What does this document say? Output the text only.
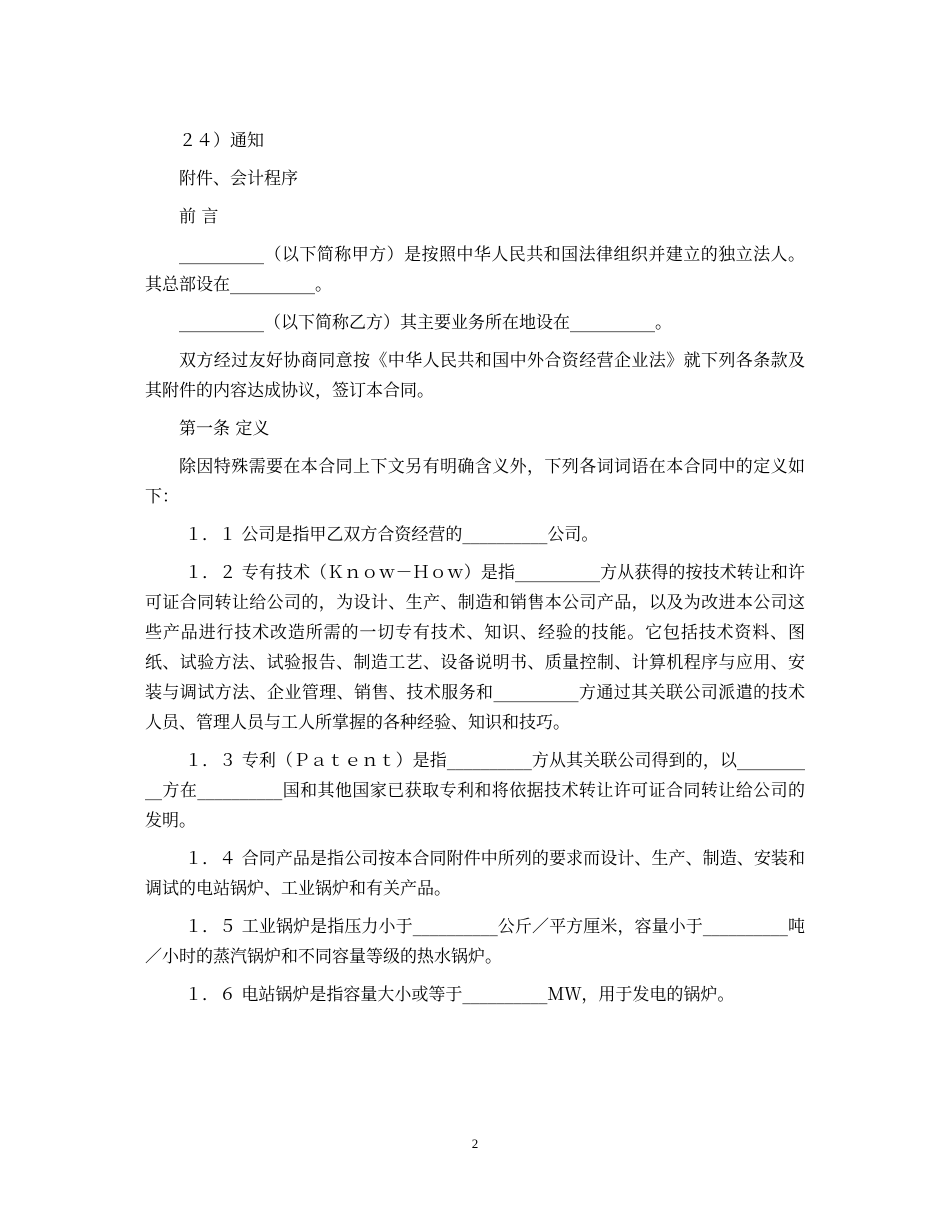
２４）通知

附件、会计程序

前 言

__________（以下简称甲方）是按照中华人民共和国法律组织并建立的独立法人。其总部设在__________。

__________（以下简称乙方）其主要业务所在地设在__________。

双方经过友好协商同意按《中华人民共和国中外合资经营企业法》就下列各条款及其附件的内容达成协议，签订本合同。

第一条 定义

除因特殊需要在本合同上下文另有明确含义外，下列各词词语在本合同中的定义如下：

１．１ 公司是指甲乙双方合资经营的__________公司。

１．２ 专有技术（Ｋｎｏｗ－Ｈｏｗ）是指__________方从获得的按技术转让和许可证合同转让给公司的，为设计、生产、制造和销售本公司产品，以及为改进本公司这些产品进行技术改造所需的一切专有技术、知识、经验的技能。它包括技术资料、图纸、试验方法、试验报告、制造工艺、设备说明书、质量控制、计算机程序与应用、安装与调试方法、企业管理、销售、技术服务和__________方通过其关联公司派遣的技术人员、管理人员与工人所掌握的各种经验、知识和技巧。

１．３ 专利（Ｐａｔｅｎｔ）是指__________方从其关联公司得到的，以__________方在__________国和其他国家已获取专利和将依据技术转让许可证合同转让给公司的发明。

１．４ 合同产品是指公司按本合同附件中所列的要求而设计、生产、制造、安装和调试的电站锅炉、工业锅炉和有关产品。

１．５ 工业锅炉是指压力小于__________公斤／平方厘米，容量小于__________吨／小时的蒸汽锅炉和不同容量等级的热水锅炉。

１．６ 电站锅炉是指容量大小或等于__________ＭＷ，用于发电的锅炉。

2
